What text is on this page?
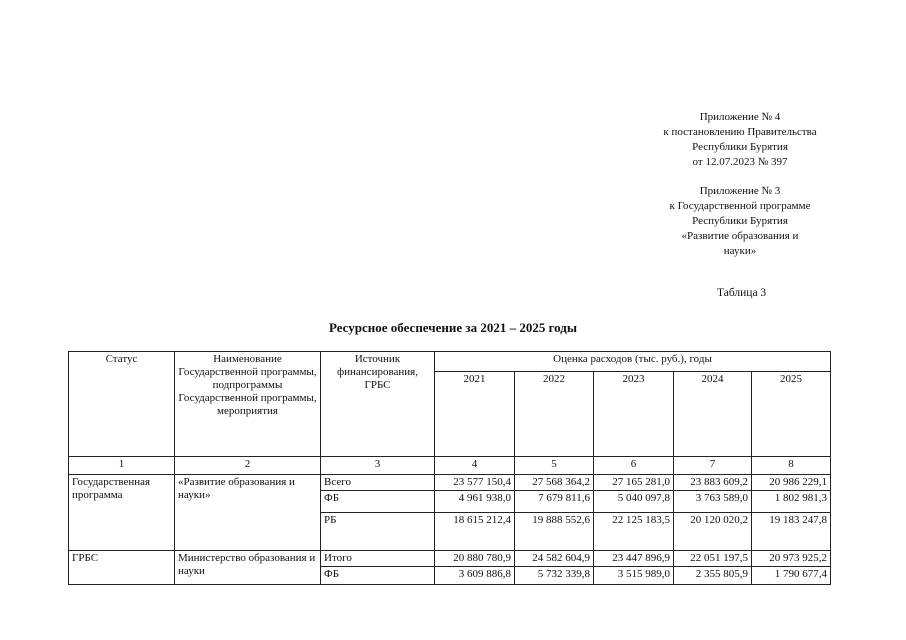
Приложение № 4
к постановлению Правительства
Республики Бурятия
от 12.07.2023 № 397
Приложение № 3
к Государственной программе
Республики Бурятия
«Развитие образования и
науки»
Таблица 3
Ресурсное обеспечение за 2021 – 2025 годы
Статус	Наименование Государственной программы, подпрограммы Государственной программы, мероприятия	Источник финансирования, ГРБС	Оценка расходов (тыс. руб.), годы				
			2021	2022	2023	2024	2025
1	2	3	4	5	6	7	8
Государственная программа	«Развитие образования и науки»	Всего	23 577 150,4	27 568 364,2	27 165 281,0	23 883 609,2	20 986 229,1
		ФБ	4 961 938,0	7 679 811,6	5 040 097,8	3 763 589,0	1 802 981,3
		РБ	18 615 212,4	19 888 552,6	22 125 183,5	20 120 020,2	19 183 247,8
ГРБС	Министерство образования и науки	Итого	20 880 780,9	24 582 604,9	23 447 896,9	22 051 197,5	20 973 925,2
		ФБ	3 609 886,8	5 732 339,8	3 515 989,0	2 355 805,9	1 790 677,4
